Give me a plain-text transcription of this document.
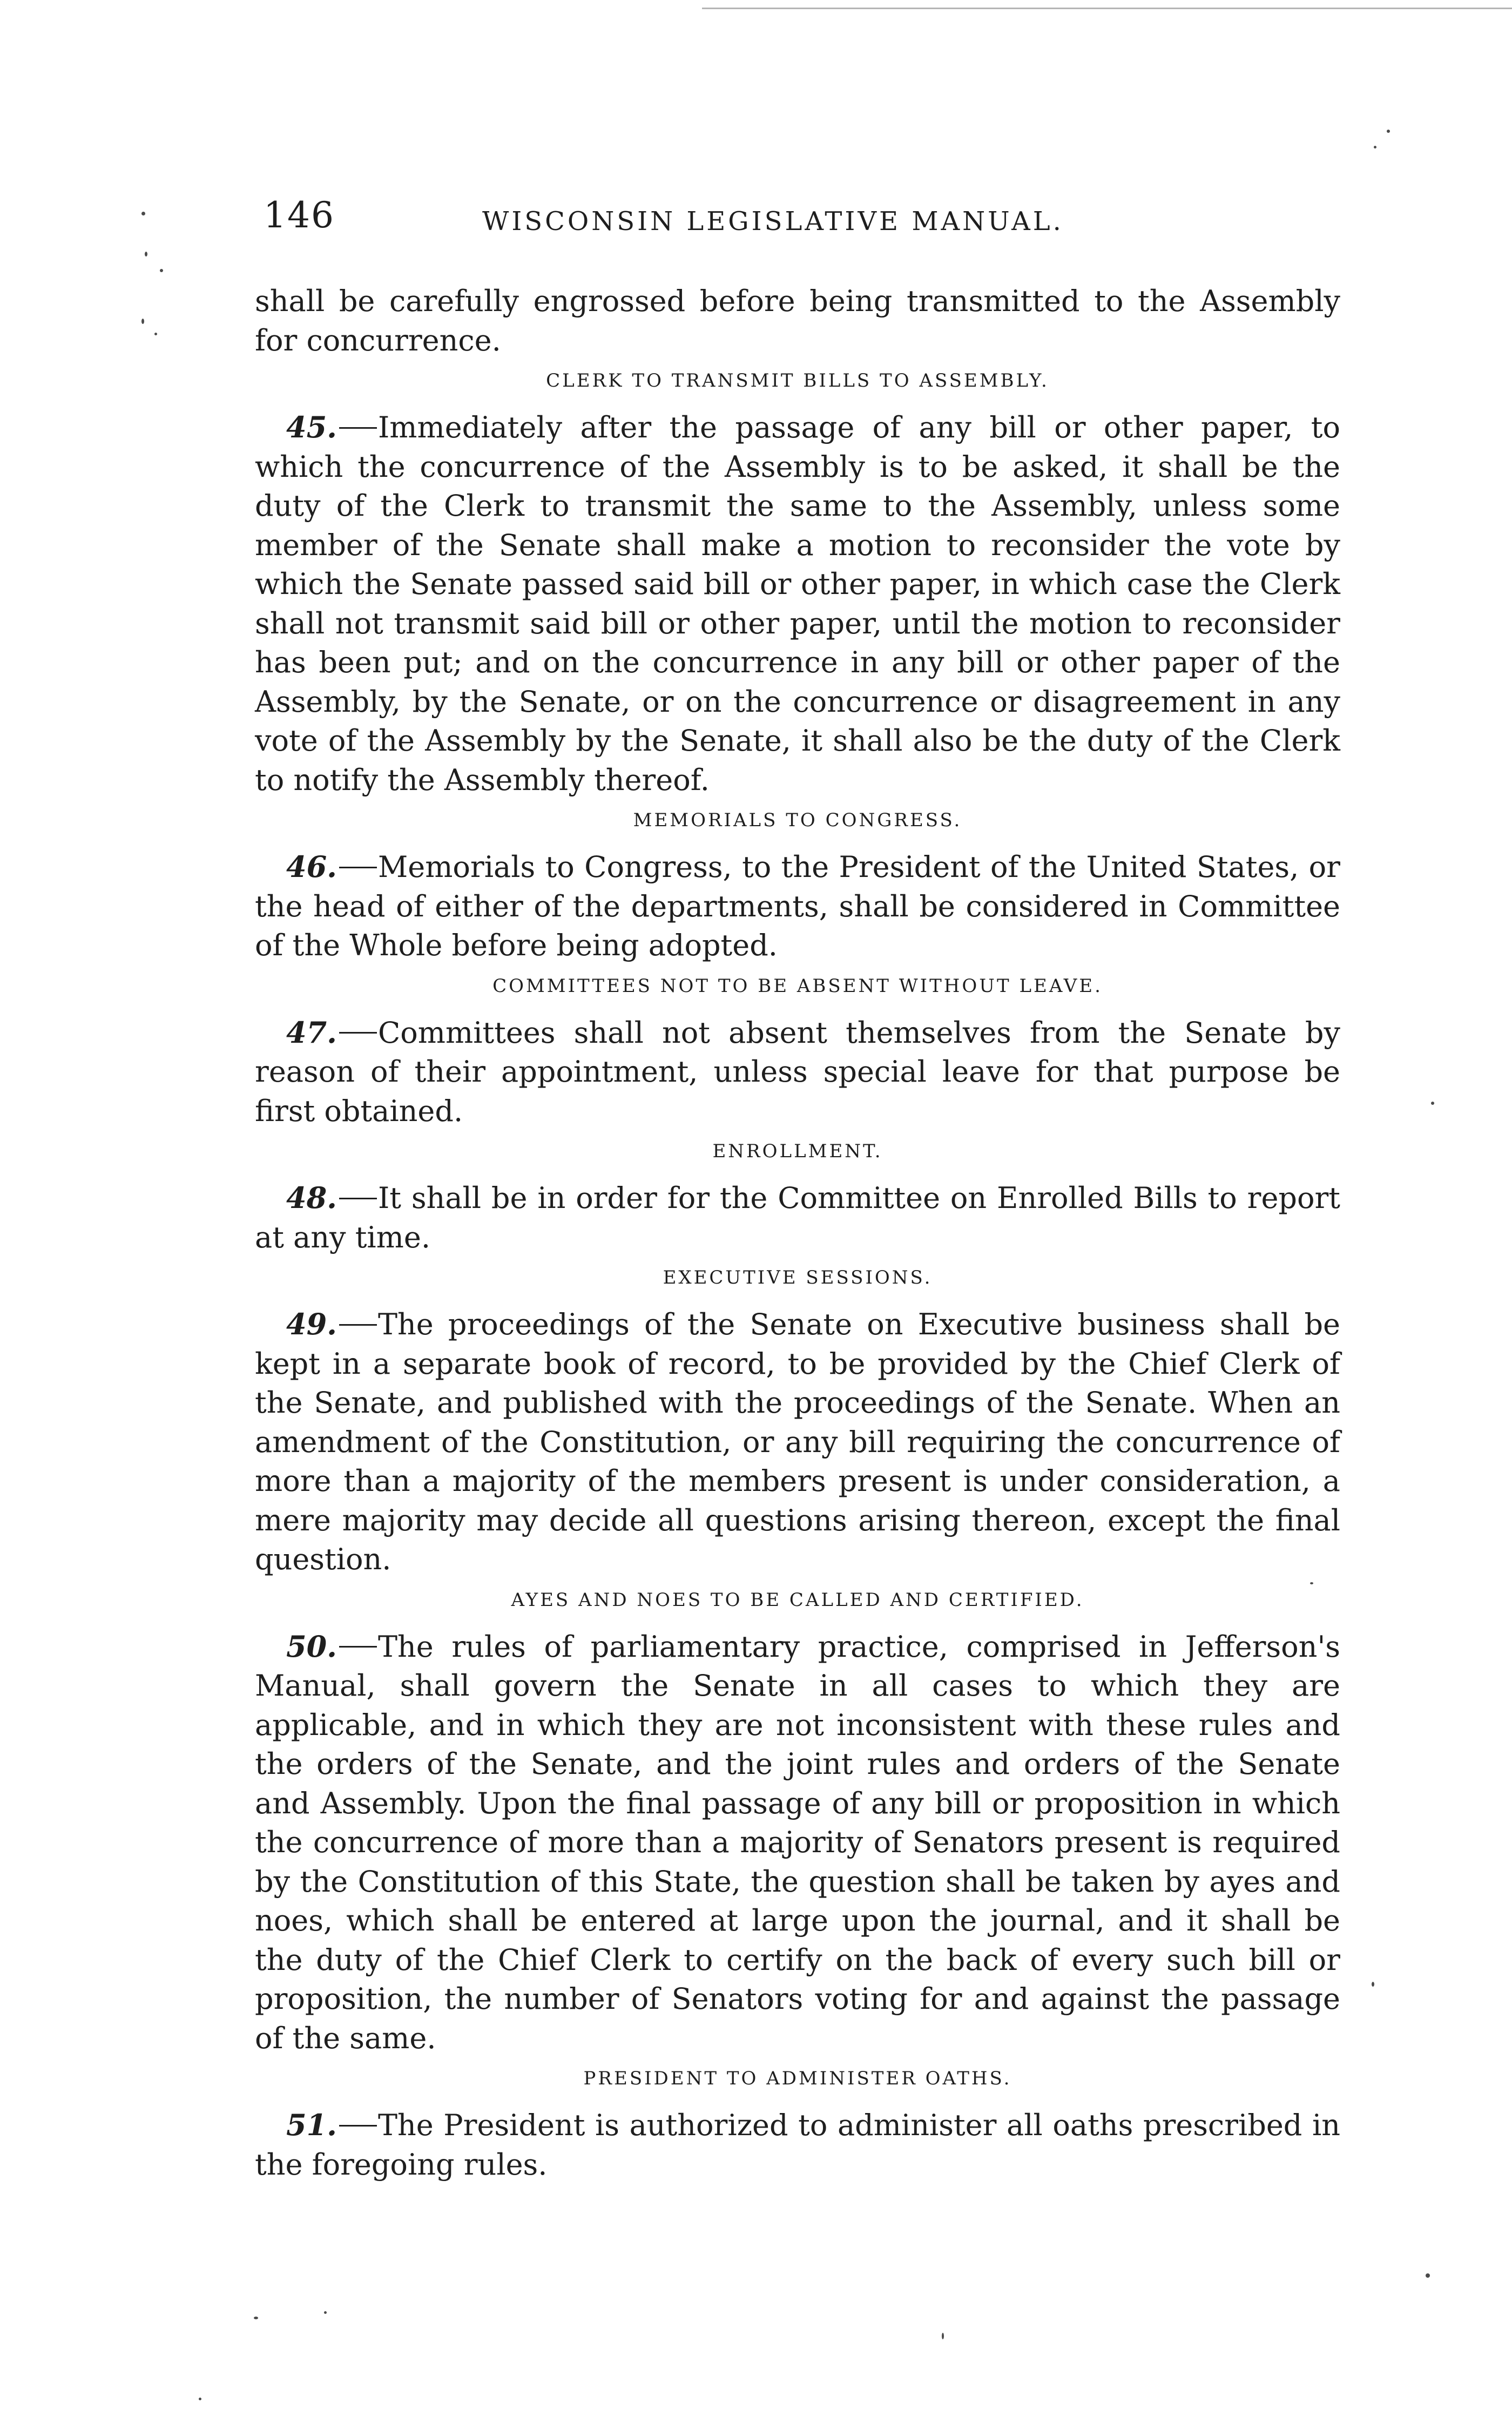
146	WISCONSIN LEGISLATIVE MANUAL.

shall be carefully engrossed before being transmitted to the Assembly for concurrence.

CLERK TO TRANSMIT BILLS TO ASSEMBLY.

45. Immediately after the passage of any bill or other paper, to which the concurrence of the Assembly is to be asked, it shall be the duty of the Clerk to transmit the same to the Assembly, unless some member of the Senate shall make a motion to reconsider the vote by which the Senate passed said bill or other paper, in which case the Clerk shall not transmit said bill or other paper, until the motion to reconsider has been put; and on the concurrence in any bill or other paper of the Assembly, by the Senate, or on the concurrence or disagreement in any vote of the Assembly by the Senate, it shall also be the duty of the Clerk to notify the Assembly thereof.

MEMORIALS TO CONGRESS.

46. Memorials to Congress, to the President of the United States, or the head of either of the departments, shall be considered in Committee of the Whole before being adopted.

COMMITTEES NOT TO BE ABSENT WITHOUT LEAVE.

47. Committees shall not absent themselves from the Senate by reason of their appointment, unless special leave for that purpose be first obtained.

ENROLLMENT.

48. It shall be in order for the Committee on Enrolled Bills to report at any time.

EXECUTIVE SESSIONS.

49. The proceedings of the Senate on Executive business shall be kept in a separate book of record, to be provided by the Chief Clerk of the Senate, and published with the proceedings of the Senate. When an amendment of the Constitution, or any bill requiring the concurrence of more than a majority of the members present is under consideration, a mere majority may decide all questions arising thereon, except the final question.

AYES AND NOES TO BE CALLED AND CERTIFIED.

50. The rules of parliamentary practice, comprised in Jefferson's Manual, shall govern the Senate in all cases to which they are applicable, and in which they are not inconsistent with these rules and the orders of the Senate, and the joint rules and orders of the Senate and Assembly. Upon the final passage of any bill or proposition in which the concurrence of more than a majority of Senators present is required by the Constitution of this State, the question shall be taken by ayes and noes, which shall be entered at large upon the journal, and it shall be the duty of the Chief Clerk to certify on the back of every such bill or proposition, the number of Senators voting for and against the passage of the same.

PRESIDENT TO ADMINISTER OATHS.

51. The President is authorized to administer all oaths prescribed in the foregoing rules.
